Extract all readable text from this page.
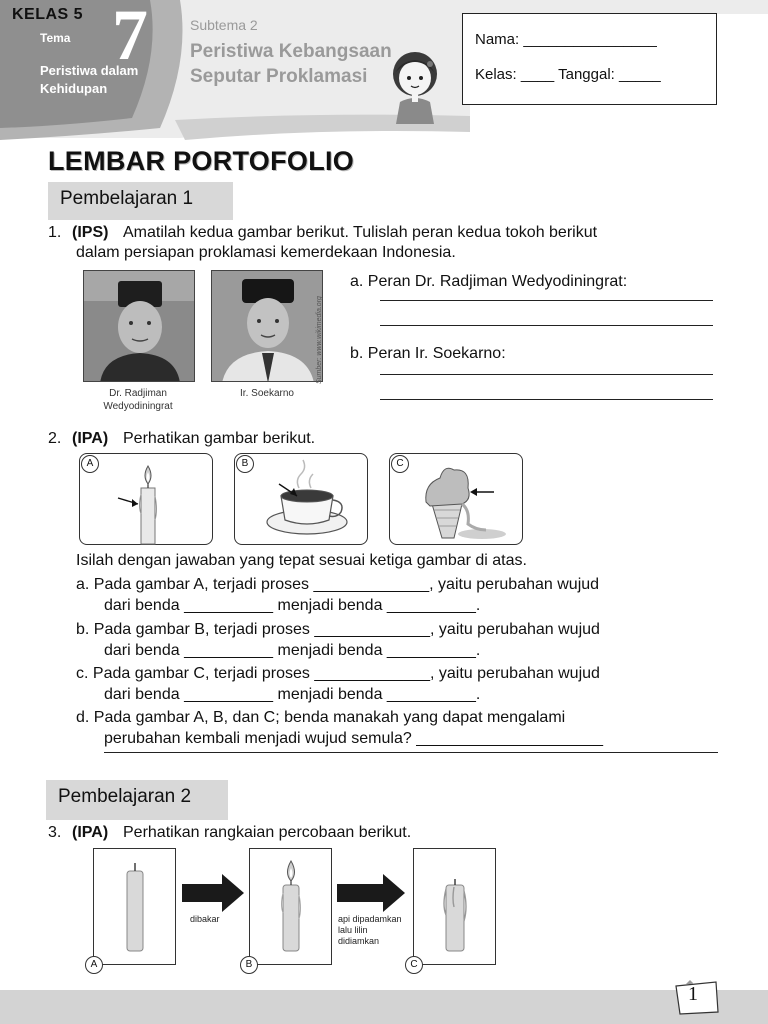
KELAS 5
Tema 7
Peristiwa dalam Kehidupan
Subtema 2
Peristiwa Kebangsaan Seputar Proklamasi
Nama: ________________
Kelas: ____ Tanggal: _____
LEMBAR PORTOFOLIO
Pembelajaran 1
1. (IPS) Amatilah kedua gambar berikut. Tulislah peran kedua tokoh berikut
dalam persiapan proklamasi kemerdekaan Indonesia.
Dr. Radjiman Wedyodiningrat
Ir. Soekarno
Sumber: www.wikimedia.org
a. Peran Dr. Radjiman Wedyodiningrat:
b. Peran Ir. Soekarno:
2. (IPA) Perhatikan gambar berikut.
A	B	C
Isilah dengan jawaban yang tepat sesuai ketiga gambar di atas.
a. Pada gambar A, terjadi proses _____________, yaitu perubahan wujud
dari benda __________ menjadi benda __________.
b. Pada gambar B, terjadi proses _____________, yaitu perubahan wujud
dari benda __________ menjadi benda __________.
c. Pada gambar C, terjadi proses _____________, yaitu perubahan wujud
dari benda __________ menjadi benda __________.
d. Pada gambar A, B, dan C; benda manakah yang dapat mengalami
perubahan kembali menjadi wujud semula? _____________________
Pembelajaran 2
3. (IPA) Perhatikan rangkaian percobaan berikut.
A
dibakar
B
api dipadamkan lalu lilin didiamkan
C
1
